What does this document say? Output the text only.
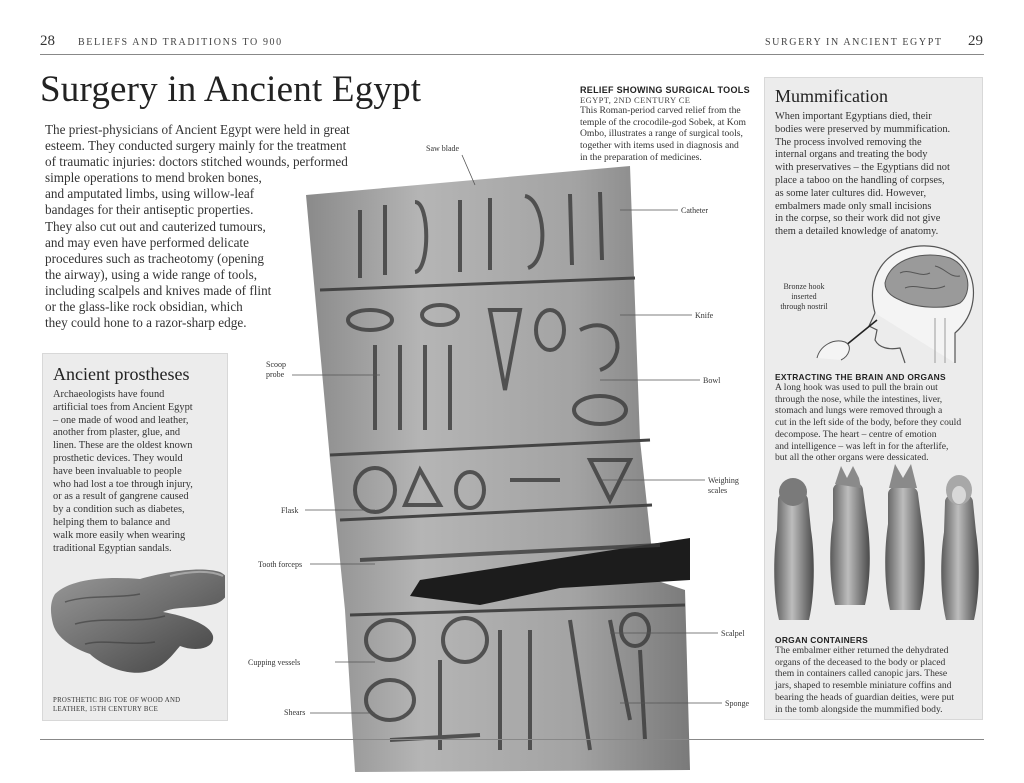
28 BELIEFS AND TRADITIONS TO 900	SURGERY IN ANCIENT EGYPT 29
Surgery in Ancient Egypt
The priest-physicians of Ancient Egypt were held in great
esteem. They conducted surgery mainly for the treatment
of traumatic injuries: doctors stitched wounds, performed
simple operations to mend broken bones,
and amputated limbs, using willow-leaf
bandages for their antiseptic properties.
They also cut out and cauterized tumours,
and may even have performed delicate
procedures such as tracheotomy (opening
the airway), using a wide range of tools,
including scalpels and knives made of flint
or the glass-like rock obsidian, which
they could hone to a razor-sharp edge.
Ancient prostheses
Archaeologists have found
artificial toes from Ancient Egypt
– one made of wood and leather,
another from plaster, glue, and
linen. These are the oldest known
prosthetic devices. They would
have been invaluable to people
who had lost a toe through injury,
or as a result of gangrene caused
by a condition such as diabetes,
helping them to balance and
walk more easily when wearing
traditional Egyptian sandals.
PROSTHETIC BIG TOE OF WOOD AND
LEATHER, 15TH CENTURY BCE
RELIEF SHOWING SURGICAL TOOLS
EGYPT, 2ND CENTURY CE
This Roman-period carved relief from the
temple of the crocodile-god Sobek, at Kom
Ombo, illustrates a range of surgical tools,
together with items used in diagnosis and
in the preparation of medicines.
Saw blade
Catheter
Knife
Scoop
probe
Bowl
Weighing
scales
Flask
Tooth forceps
Scalpel
Cupping vessels
Sponge
Shears
Mummification
When important Egyptians died, their
bodies were preserved by mummification.
The process involved removing the
internal organs and treating the body
with preservatives – the Egyptians did not
place a taboo on the handling of corpses,
as some later cultures did. However,
embalmers made only small incisions
in the corpse, so their work did not give
them a detailed knowledge of anatomy.
Bronze hook
inserted
through nostril
EXTRACTING THE BRAIN AND ORGANS
A long hook was used to pull the brain out
through the nose, while the intestines, liver,
stomach and lungs were removed through a
cut in the left side of the body, before they could
decompose. The heart – centre of emotion
and intelligence – was left in for the afterlife,
but all the other organs were dessicated.
ORGAN CONTAINERS
The embalmer either returned the dehydrated
organs of the deceased to the body or placed
them in containers called canopic jars. These
jars, shaped to resemble miniature coffins and
bearing the heads of guardian deities, were put
in the tomb alongside the mummified body.
